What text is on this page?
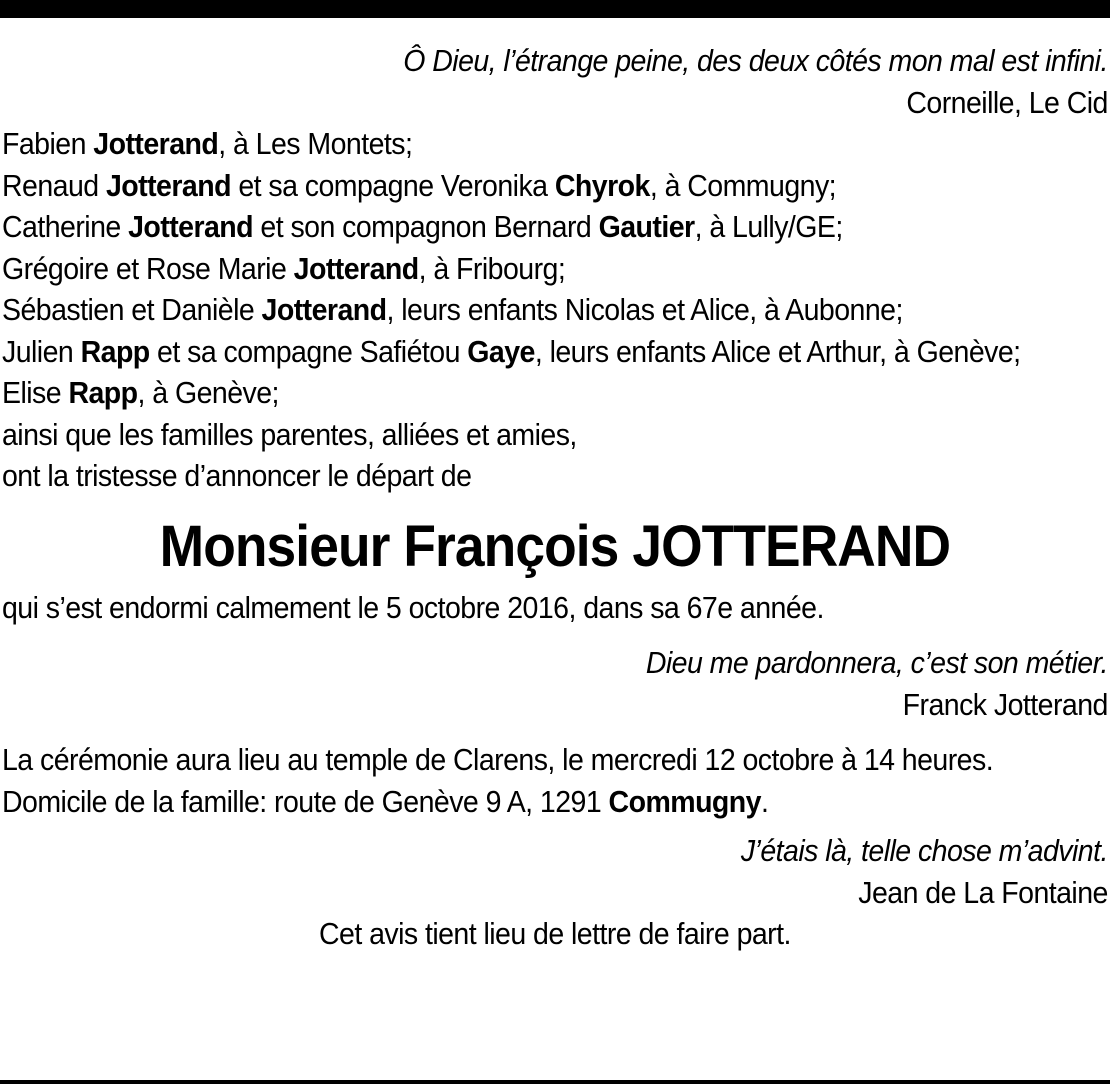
Ô Dieu, l’étrange peine, des deux côtés mon mal est infini.
Corneille, Le Cid
Fabien Jotterand, à Les Montets;
Renaud Jotterand et sa compagne Veronika Chyrok, à Commugny;
Catherine Jotterand et son compagnon Bernard Gautier, à Lully/GE;
Grégoire et Rose Marie Jotterand, à Fribourg;
Sébastien et Danièle Jotterand, leurs enfants Nicolas et Alice, à Aubonne;
Julien Rapp et sa compagne Safiétou Gaye, leurs enfants Alice et Arthur, à Genève;
Elise Rapp, à Genève;
ainsi que les familles parentes, alliées et amies,
ont la tristesse d’annoncer le départ de
Monsieur François JOTTERAND
qui s’est endormi calmement le 5 octobre 2016, dans sa 67e année.
Dieu me pardonnera, c’est son métier.
Franck Jotterand
La cérémonie aura lieu au temple de Clarens, le mercredi 12 octobre à 14 heures.
Domicile de la famille: route de Genève 9 A, 1291 Commugny.
J’étais là, telle chose m’advint.
Jean de La Fontaine
Cet avis tient lieu de lettre de faire part.
